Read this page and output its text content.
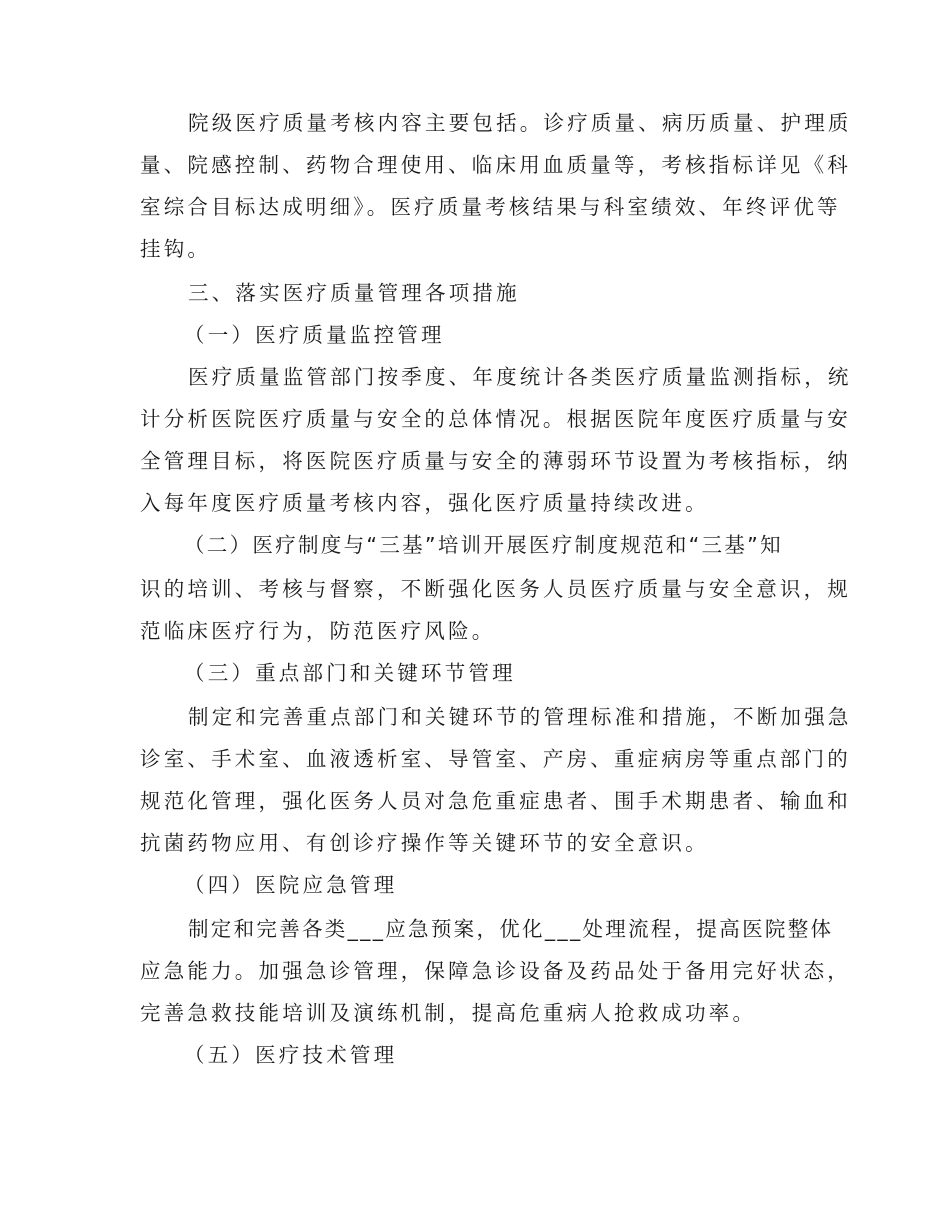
院级医疗质量考核内容主要包括。诊疗质量、病历质量、护理质
量、院感控制、药物合理使用、临床用血质量等，考核指标详见《科
室综合目标达成明细》。医疗质量考核结果与科室绩效、年终评优等
挂钩。
三、落实医疗质量管理各项措施
（一）医疗质量监控管理
医疗质量监管部门按季度、年度统计各类医疗质量监测指标，统
计分析医院医疗质量与安全的总体情况。根据医院年度医疗质量与安
全管理目标，将医院医疗质量与安全的薄弱环节设置为考核指标，纳
入每年度医疗质量考核内容，强化医疗质量持续改进。
（二）医疗制度与“三基”培训开展医疗制度规范和“三基”知
识的培训、考核与督察，不断强化医务人员医疗质量与安全意识，规
范临床医疗行为，防范医疗风险。
（三）重点部门和关键环节管理
制定和完善重点部门和关键环节的管理标准和措施，不断加强急
诊室、手术室、血液透析室、导管室、产房、重症病房等重点部门的
规范化管理，强化医务人员对急危重症患者、围手术期患者、输血和
抗菌药物应用、有创诊疗操作等关键环节的安全意识。
（四）医院应急管理
制定和完善各类___应急预案，优化___处理流程，提高医院整体
应急能力。加强急诊管理，保障急诊设备及药品处于备用完好状态，
完善急救技能培训及演练机制，提高危重病人抢救成功率。
（五）医疗技术管理
